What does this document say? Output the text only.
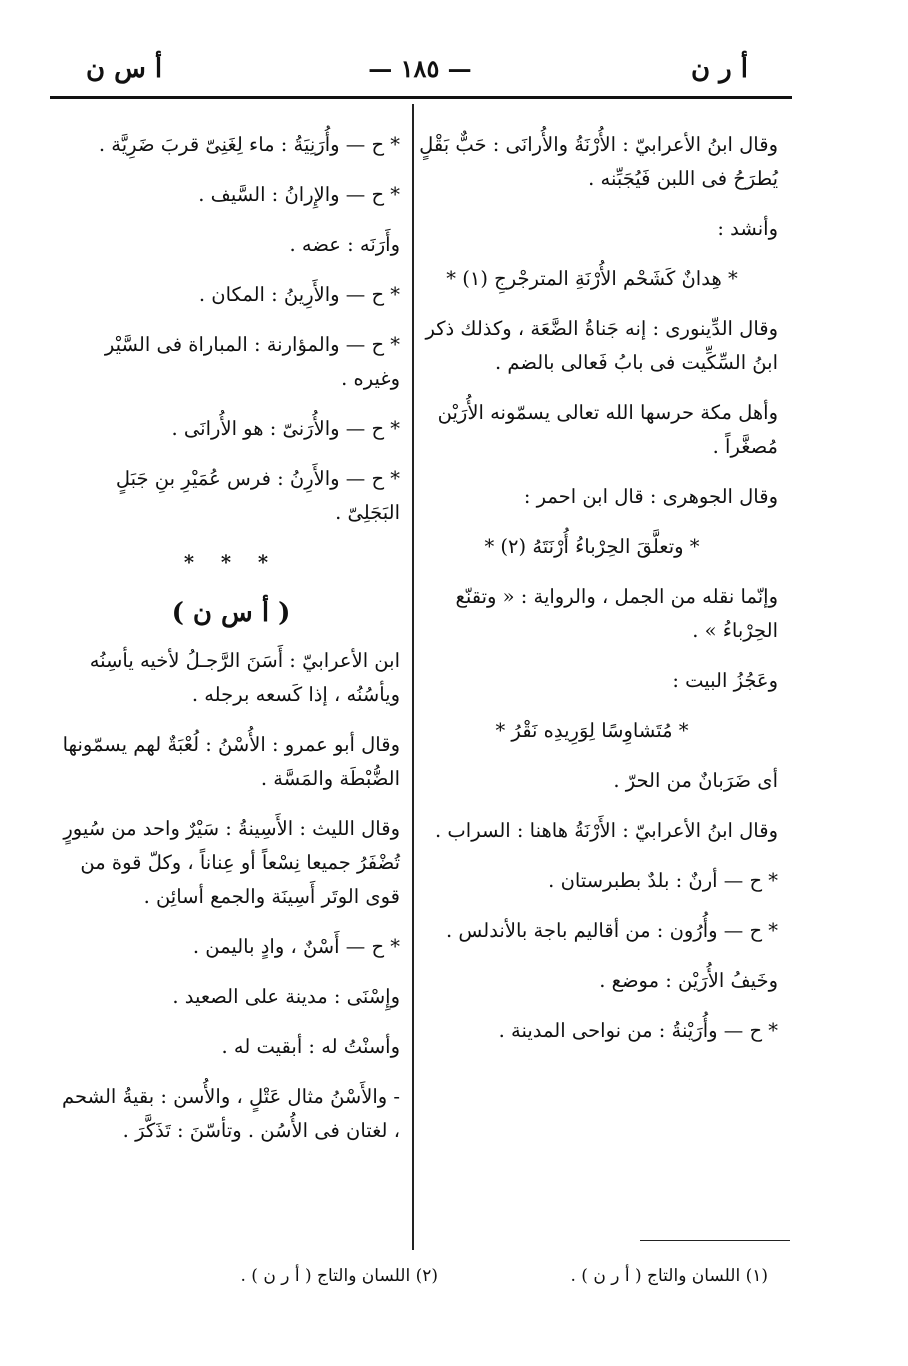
أ ر ن
— ١٨٥ —
أ س ن

وقال ابنُ الأعرابيّ : الأُرْنَةُ والأُرانَى : حَبٌّ بَقْلٍ يُطرَحُ فى اللبن فَيُجَبِّنه .

وأنشد :

* هِدانٌ كَشَحْم الأُرْنَةِ المترجْرجِ (١) *

وقال الدِّينورى : إنه جَناةُ الضَّعَة ، وكذلك ذكر ابنُ السِّكِّيت فى بابُ فَعالى بالضم .

وأهل مكة حرسها الله تعالى يسمّونه الأُرَيْن مُصغَّراً .

وقال الجوهرى : قال ابن احمر :

* وتعلَّقَ الحِرْباءُ أُرْنَتَهُ (٢) *

وإنّما نقله من الجمل ، والرواية : « وتقنّع الحِرْباءُ » .

وعَجُزُ البيت :

* مُتَشاوِسًا لِوَرِيدِه نَقْرُ *

أى ضَرَبانٌ من الحرّ .

وقال ابنُ الأعرابيّ : الأَرْنَةُ هاهنا : السراب .

* ح — أرنٌ : بلدٌ بطبرستان .

* ح — وأُرُون : من أقاليم باجة بالأندلس .

وخَيفُ الأُرَيْن : موضع .

* ح — وأُرَيْنةُ : من نواحى المدينة .

* ح — وأُرَنِيَةُ : ماء لِغَنِىّ قربَ ضَرِيَّة .

* ح — والإِرانُ : السَّيف .

وأَرَنَه : عضه .

* ح — والأَرِينُ : المكان .

* ح — والمؤارنة : المباراة فى السَّيْر وغيره .

* ح — والأُرَنىّ : هو الأُرانَى .

* ح — والأَرِنُ : فرس عُمَيْرِ بنِ جَبَلٍ البَجَلِىّ .

* * *

( أ س ن )

ابن الأعرابيّ : أَسَنَ الرَّجـلُ لأخيه يأسِنُه ويأسُنُه ، إذا كَسعه برجله .

وقال أبو عمرو : الأُسْنُ : لُعْبَةٌ لهم يسمّونها الضُّبْطَة والمَسَّة .

وقال الليث : الأَسِينةُ : سَيْرٌ واحد من سُيورٍ تُضْفَرُ جميعا نِسْعاً أو عِناناً ، وكلّ قوة من قوى الوتَر أَسِينَة والجمع أسائِن .

* ح — أَسْنٌ ، وادٍ باليمن .

وإِسْنَى : مدينة على الصعيد .

وأسنْتُ له : أبقيت له .

- والأَسْنُ مثال عَتْلٍ ، والأُسن : بقيةُ الشحم ، لغتان فى الأُسُن . وتأسّنَ : تَذَكَّرَ .

(١) اللسان والتاج ( أ ر ن ) .
(٢) اللسان والتاج ( أ ر ن ) .
